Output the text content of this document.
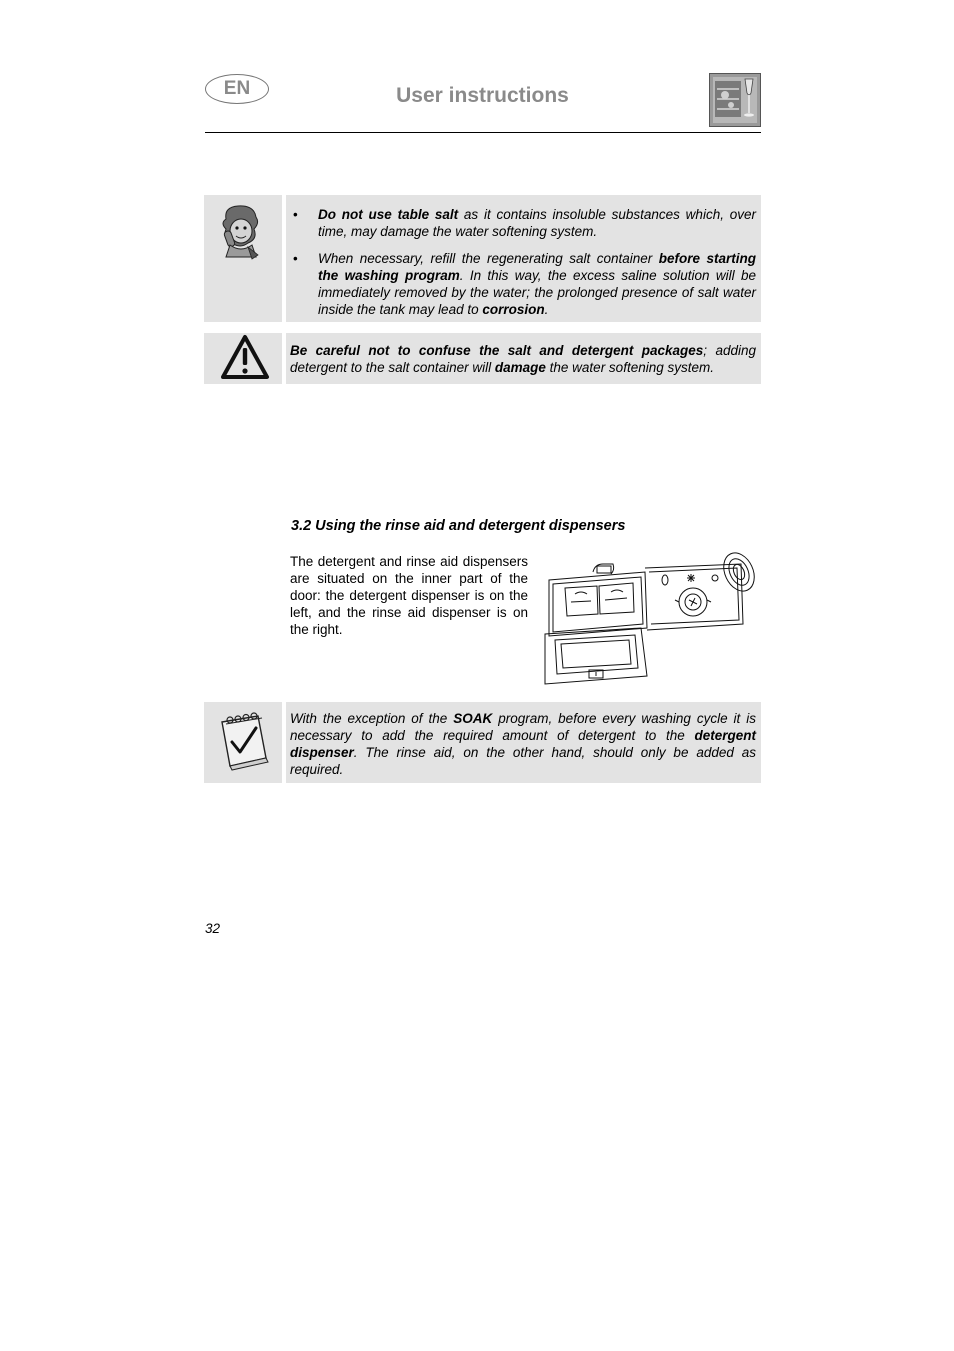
EN	User instructions
• Do not use table salt as it contains insoluble substances which, over time, may damage the water softening system.
• When necessary, refill the regenerating salt container before starting the washing program. In this way, the excess saline solution will be immediately removed by the water; the prolonged presence of salt water inside the tank may lead to corrosion.

Be careful not to confuse the salt and detergent packages; adding detergent to the salt container will damage the water softening system.

3.2 Using the rinse aid and detergent dispensers
The detergent and rinse aid dispensers are situated on the inner part of the door: the detergent dispenser is on the left, and the rinse aid dispenser is on the right.

With the exception of the SOAK program, before every washing cycle it is necessary to add the required amount of detergent to the detergent dispenser. The rinse aid, on the other hand, should only be added as required.

32
